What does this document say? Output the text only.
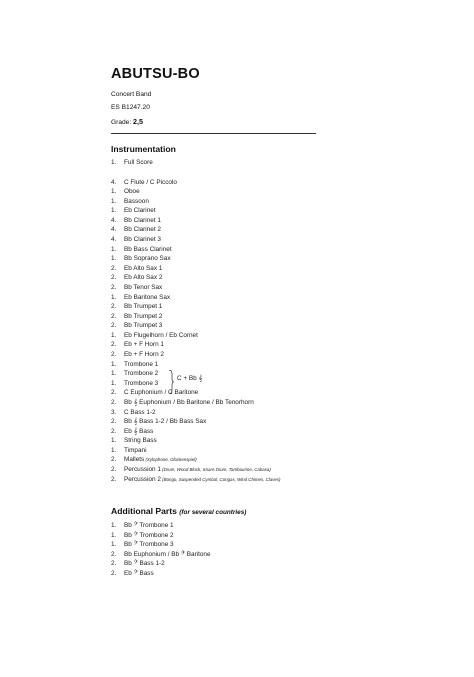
ABUTSU-BO
Concert Band
ES B1247.20
Grade: 2,5
Instrumentation
1. Full Score
4. C Flute / C Piccolo
1. Oboe
1. Bassoon
1. Eb Clarinet
4. Bb Clarinet 1
4. Bb Clarinet 2
4. Bb Clarinet 3
1. Bb Bass Clarinet
1. Bb Soprano Sax
2. Eb Alto Sax 1
2. Eb Alto Sax 2
2. Bb Tenor Sax
1. Eb Baritone Sax
2. Bb Trumpet 1
2. Bb Trumpet 2
2. Bb Trumpet 3
1. Eb Flugelhorn / Eb Cornet
2. Eb + F Horn 1
2. Eb + F Horn 2
1. Trombone 1
1. Trombone 2
1. Trombone 3
2. C Euphonium / C Baritone
2. Bb 𝄞 Euphonium / Bb Baritone / Bb Tenorhorn
3. C Bass 1-2
2. Bb 𝄞 Bass 1-2 / Bb Bass Sax
2. Eb 𝄞 Bass
1. String Bass
1. Timpani
2. Mallets (Xylophone, Glockenspiel)
2. Percussion 1 (Drum, Wood Block, Snare Drum, Tambourine, Cabasa)
2. Percussion 2 (Bongo, Suspended Cymbal, Congas, Wind Chimes, Claves)
C + Bb 𝄞
Additional Parts (for several countries)
1. Bb 𝄢 Trombone 1
1. Bb 𝄢 Trombone 2
1. Bb 𝄢 Trombone 3
2. Bb Euphonium / Bb 𝄢 Baritone
2. Bb 𝄢 Bass 1-2
2. Eb 𝄢 Bass
